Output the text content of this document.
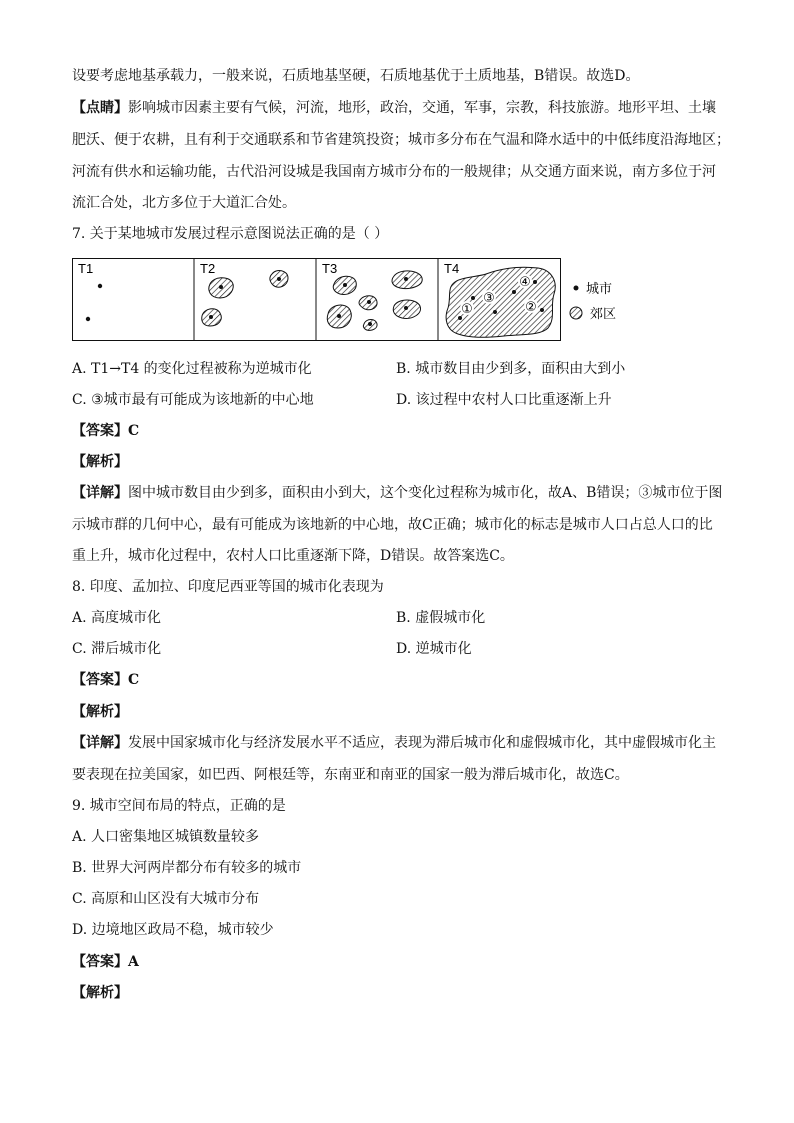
设要考虑地基承载力，一般来说，石质地基坚硬，石质地基优于土质地基，B错误。故选D。
【点睛】影响城市因素主要有气候，河流，地形，政治，交通，军事，宗教，科技旅游。地形平坦、土壤
肥沃、便于农耕，且有利于交通联系和节省建筑投资；城市多分布在气温和降水适中的中低纬度沿海地区；
河流有供水和运输功能，古代沿河设城是我国南方城市分布的一般规律；从交通方面来说，南方多位于河
流汇合处，北方多位于大道汇合处。
7. 关于某地城市发展过程示意图说法正确的是（ ）
T1	T2	T3	T4
①	②
③
④	城市
郊区
A. T1→T4 的变化过程被称为逆城市化	B. 城市数目由少到多，面积由大到小
C. ③城市最有可能成为该地新的中心地	D. 该过程中农村人口比重逐渐上升
【答案】C
【解析】
【详解】图中城市数目由少到多，面积由小到大，这个变化过程称为城市化，故A、B错误；③城市位于图
示城市群的几何中心，最有可能成为该地新的中心地，故C正确；城市化的标志是城市人口占总人口的比
重上升，城市化过程中，农村人口比重逐渐下降，D错误。故答案选C。
8. 印度、孟加拉、印度尼西亚等国的城市化表现为
A. 高度城市化	B. 虚假城市化
C. 滞后城市化	D. 逆城市化
【答案】C
【解析】
【详解】发展中国家城市化与经济发展水平不适应，表现为滞后城市化和虚假城市化，其中虚假城市化主
要表现在拉美国家，如巴西、阿根廷等，东南亚和南亚的国家一般为滞后城市化，故选C。
9. 城市空间布局的特点，正确的是
A. 人口密集地区城镇数量较多
B. 世界大河两岸都分布有较多的城市
C. 高原和山区没有大城市分布
D. 边境地区政局不稳，城市较少
【答案】A
【解析】
